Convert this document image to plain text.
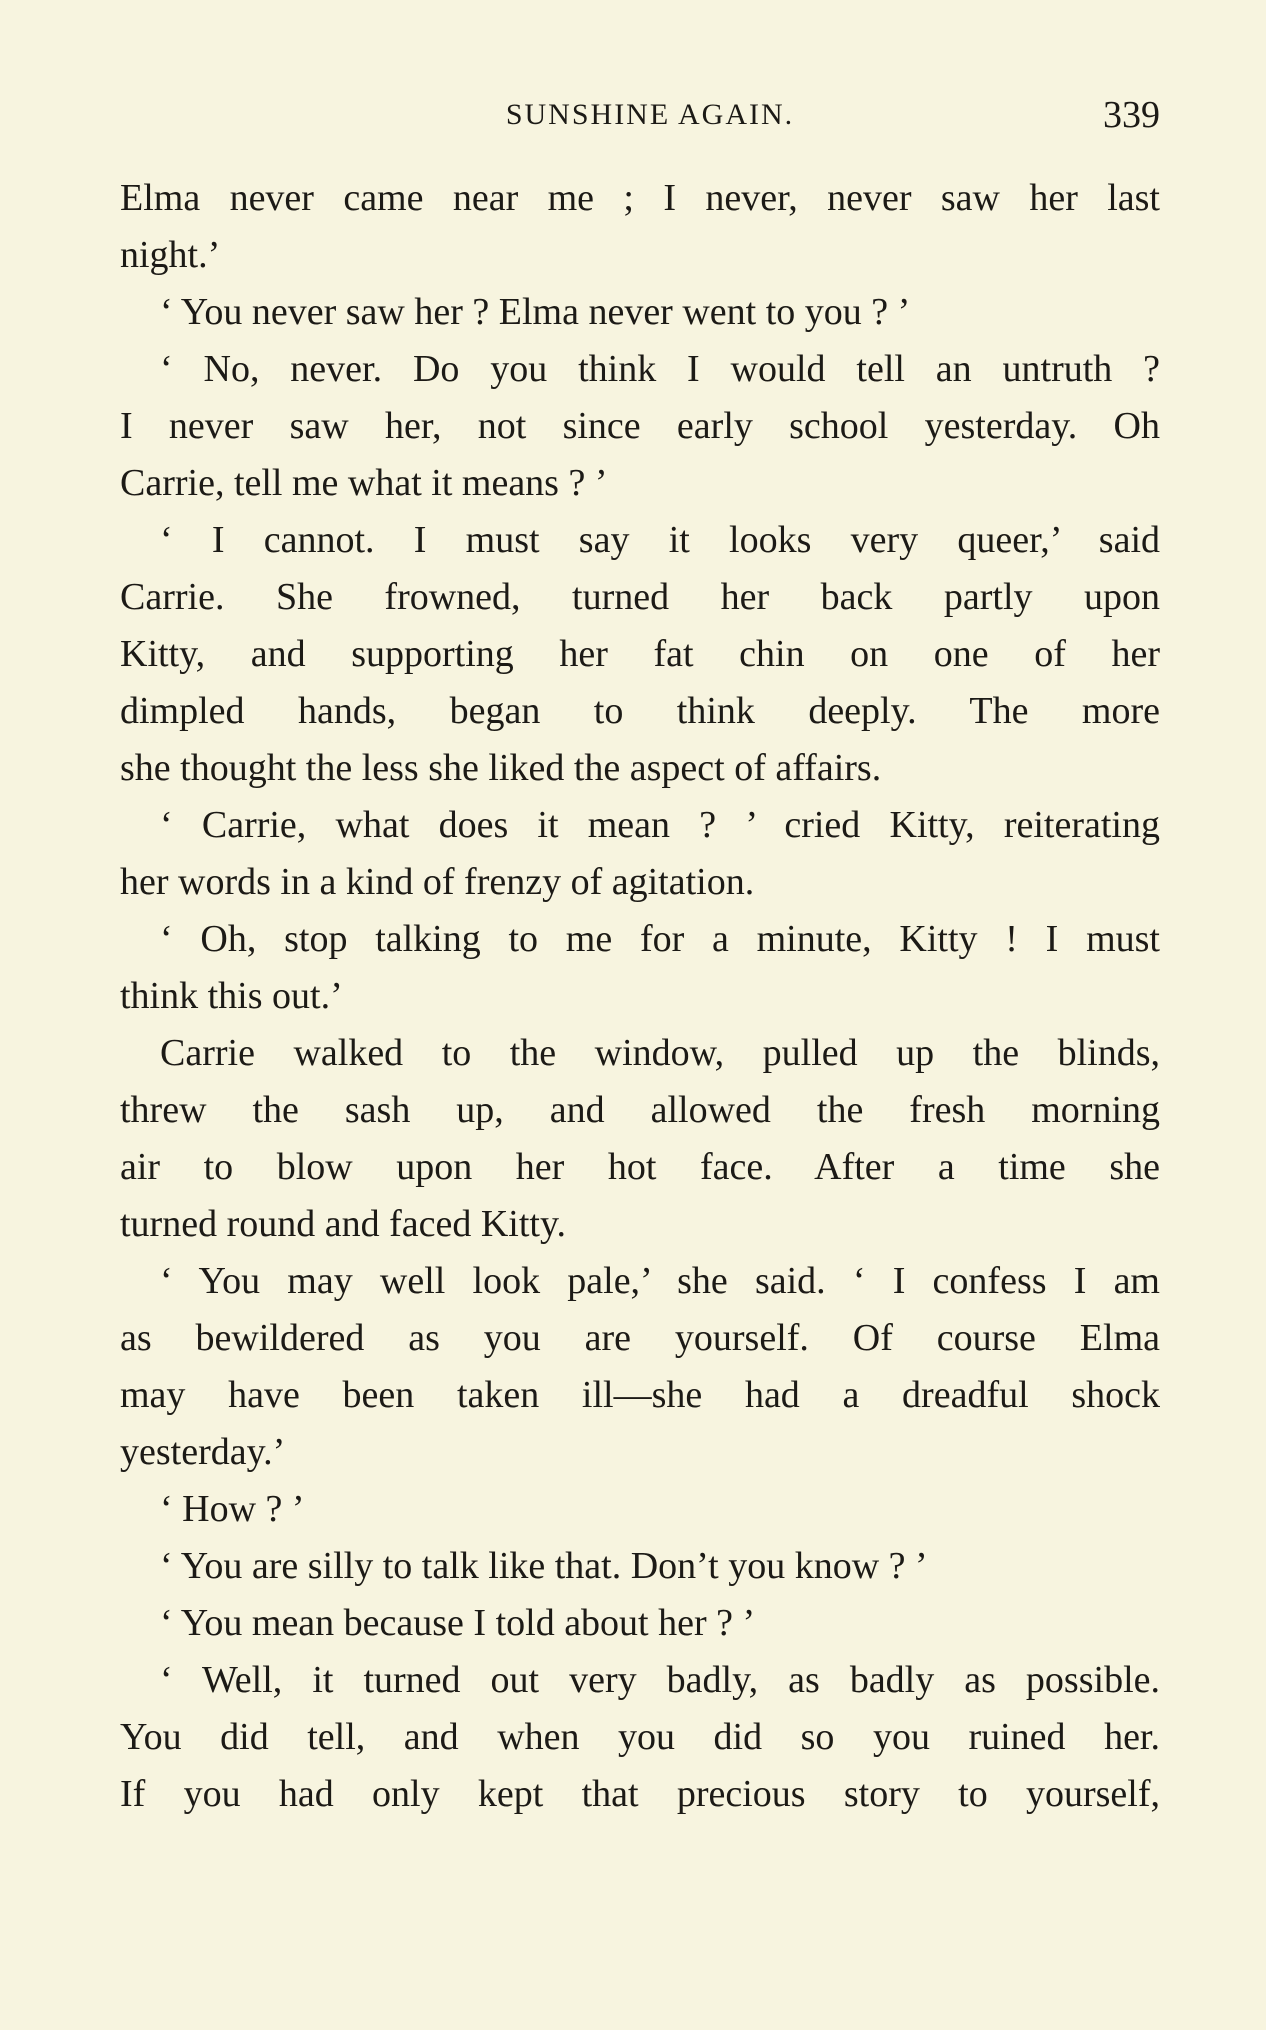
SUNSHINE AGAIN.	339
Elma never came near me ; I never, never saw her last
night.’
‘ You never saw her ? Elma never went to you ? ’
‘ No, never. Do you think I would tell an untruth ?
I never saw her, not since early school yesterday. Oh
Carrie, tell me what it means ? ’
‘ I cannot. I must say it looks very queer,’ said
Carrie. She frowned, turned her back partly upon
Kitty, and supporting her fat chin on one of her
dimpled hands, began to think deeply. The more
she thought the less she liked the aspect of affairs.
‘ Carrie, what does it mean ? ’ cried Kitty, reiterating
her words in a kind of frenzy of agitation.
‘ Oh, stop talking to me for a minute, Kitty ! I must
think this out.’
Carrie walked to the window, pulled up the blinds,
threw the sash up, and allowed the fresh morning
air to blow upon her hot face. After a time she
turned round and faced Kitty.
‘ You may well look pale,’ she said. ‘ I confess I am
as bewildered as you are yourself. Of course Elma
may have been taken ill—she had a dreadful shock
yesterday.’
‘ How ? ’
‘ You are silly to talk like that. Don’t you know ? ’
‘ You mean because I told about her ? ’
‘ Well, it turned out very badly, as badly as possible.
You did tell, and when you did so you ruined her.
If you had only kept that precious story to yourself,
